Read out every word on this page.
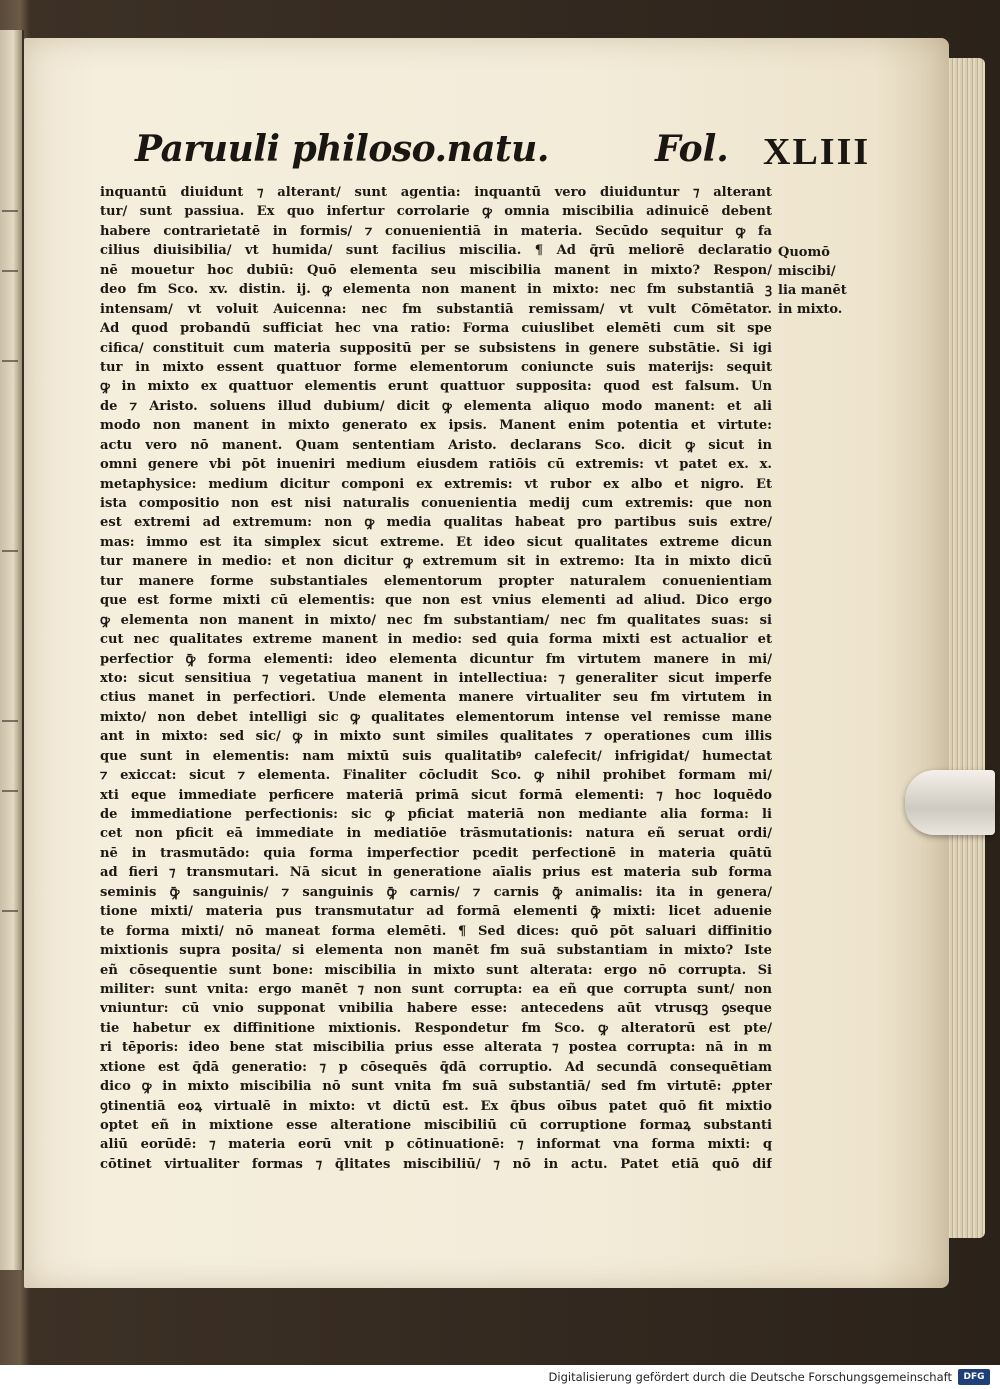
Paruuli philoso.natu.	Fol. XLIII
inquantū diuidunt ⁊ alterant/ sunt agentia: inquantū vero diuiduntur ⁊ alterant
tur/ sunt passiua. Ex quo infertur corrolarie ꝙ omnia miscibilia adinuicē debent
habere contrarietatē in formis/ ⁊ conuenientiā in materia. Secūdo sequitur ꝙ fa
cilius diuisibilia/ vt humida/ sunt facilius miscilia. ¶ Ad q̄rū meliorē declaratio
nē mouetur hoc dubiū: Quō elementa seu miscibilia manent in mixto? Respon/
deo fm Sco. xv. distin. ij. ꝙ elementa non manent in mixto: nec fm substantiā ꝫ
intensam/ vt voluit Auicenna: nec fm substantiā remissam/ vt vult Cōmētator.
Ad quod probandū sufficiat hec vna ratio: Forma cuiuslibet elemēti cum sit spe
cifica/ constituit cum materia suppositū per se subsistens in genere substātie. Si igi
tur in mixto essent quattuor forme elementorum coniuncte suis materijs: sequit
ꝙ in mixto ex quattuor elementis erunt quattuor supposita: quod est falsum. Un
de ⁊ Aristo. soluens illud dubium/ dicit ꝙ elementa aliquo modo manent: et ali
modo non manent in mixto generato ex ipsis. Manent enim potentia et virtute:
actu vero nō manent. Quam sententiam Aristo. declarans Sco. dicit ꝙ sicut in
omni genere vbi pōt inueniri medium eiusdem ratiōis cū extremis: vt patet ex. x.
metaphysice: medium dicitur componi ex extremis: vt rubor ex albo et nigro. Et
ista compositio non est nisi naturalis conuenientia medij cum extremis: que non
est extremi ad extremum: non ꝙ media qualitas habeat pro partibus suis extre/
mas: immo est ita simplex sicut extreme. Et ideo sicut qualitates extreme dicun
tur manere in medio: et non dicitur ꝙ extremum sit in extremo: Ita in mixto dicū
tur manere forme substantiales elementorum propter naturalem conuenientiam
que est forme mixti cū elementis: que non est vnius elementi ad aliud. Dico ergo
ꝙ elementa non manent in mixto/ nec fm substantiam/ nec fm qualitates suas: si
cut nec qualitates extreme manent in medio: sed quia forma mixti est actualior et
perfectior ꝙ̄ forma elementi: ideo elementa dicuntur fm virtutem manere in mi/
xto: sicut sensitiua ⁊ vegetatiua manent in intellectiua: ⁊ generaliter sicut imperfe
ctius manet in perfectiori. Unde elementa manere virtualiter seu fm virtutem in
mixto/ non debet intelligi sic ꝙ qualitates elementorum intense vel remisse mane
ant in mixto: sed sic/ ꝙ in mixto sunt similes qualitates ⁊ operationes cum illis
que sunt in elementis: nam mixtū suis qualitatibꝰ calefecit/ infrigidat/ humectat
⁊ exiccat: sicut ⁊ elementa. Finaliter cōcludit Sco. ꝙ nihil prohibet formam mi/
xti eque immediate perficere materiā primā sicut formā elementi: ⁊ hoc loquēdo
de immediatione perfectionis: sic ꝙ pficiat materiā non mediante alia forma: li
cet non pficit eā immediate in mediatiōe trāsmutationis: natura eñ seruat ordi/
nē in trasmutādo: quia forma imperfectior pcedit perfectionē in materia quātū
ad fieri ⁊ transmutari. Nā sicut in generatione aīalis prius est materia sub forma
seminis ꝙ̄ sanguinis/ ⁊ sanguinis ꝙ̄ carnis/ ⁊ carnis ꝙ̄ animalis: ita in genera/
tione mixti/ materia pus transmutatur ad formā elementi ꝙ̄ mixti: licet aduenie
te forma mixti/ nō maneat forma elemēti. ¶ Sed dices: quō pōt saluari diffinitio
mixtionis supra posita/ si elementa non manēt fm suā substantiam in mixto? Iste
eñ cōsequentie sunt bone: miscibilia in mixto sunt alterata: ergo nō corrupta. Si
militer: sunt vnita: ergo manēt ⁊ non sunt corrupta: ea eñ que corrupta sunt/ non
vniuntur: cū vnio supponat vnibilia habere esse: antecedens aūt vtrusqꝫ ꝯseque
tie habetur ex diffinitione mixtionis. Respondetur fm Sco. ꝙ alteratorū est pte/
ri tēporis: ideo bene stat miscibilia prius esse alterata ⁊ postea corrupta: nā in m
xtione est q̄dā generatio: ⁊ p cōsequēs q̄dā corruptio. Ad secundā consequētiam
dico ꝙ in mixto miscibilia nō sunt vnita fm suā substantiā/ sed fm virtutē: ꝓpter
ꝯtinentiā eoꝝ virtualē in mixto: vt dictū est. Ex q̄bus oībus patet quō fit mixtio
optet eñ in mixtione esse alteratione miscibiliū cū corruptione formaꝝ substanti
aliū eorūdē: ⁊ materia eorū vnit p cōtinuationē: ⁊ informat vna forma mixti: q
cōtinet virtualiter formas ⁊ q̄litates miscibiliū/ ⁊ nō in actu. Patet etiā quō dif
Quomō
miscibi/
lia manēt
in mixto.
Digitalisierung gefördert durch die Deutsche Forschungsgemeinschaft	DFG
